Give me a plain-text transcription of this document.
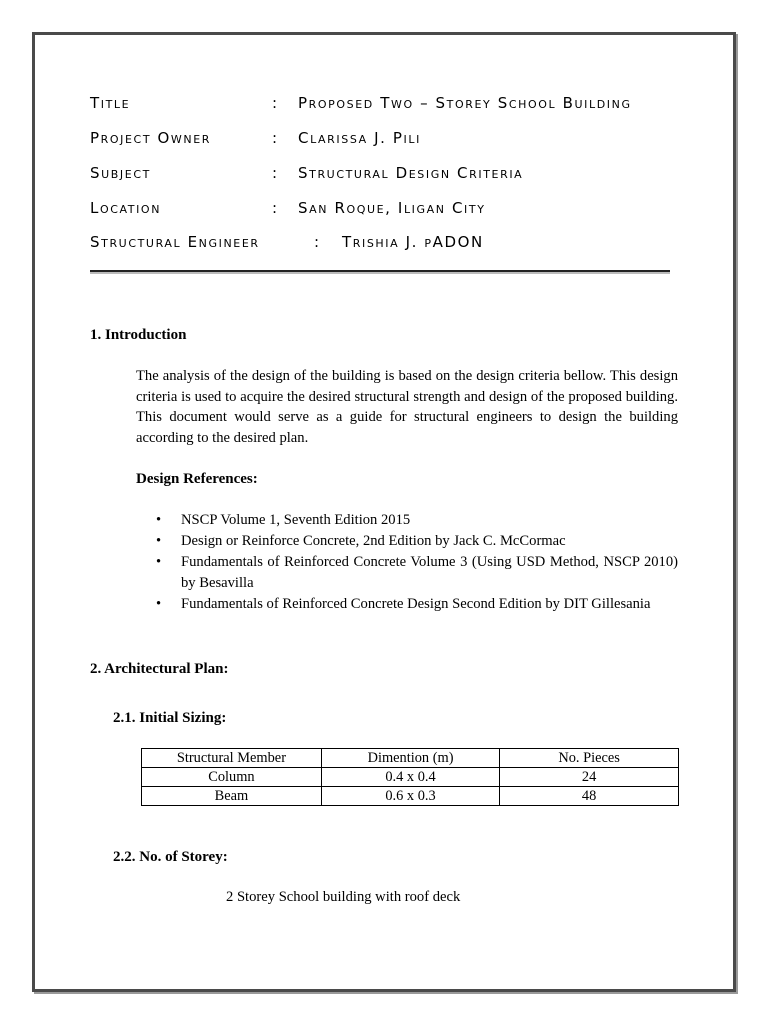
Title	: Proposed Two – Storey School Building
Project Owner	: Clarissa J. Pili
Subject	: Structural Design Criteria
Location	: San Roque, Iligan City
Structural Engineer	: Trishia J. pADON
1. Introduction
The analysis of the design of the building is based on the design criteria bellow. This design criteria is used to acquire the desired structural strength and design of the proposed building. This document would serve as a guide for structural engineers to design the building according to the desired plan.
Design References:
• NSCP Volume 1, Seventh Edition 2015
• Design or Reinforce Concrete, 2nd Edition by Jack C. McCormac
• Fundamentals of Reinforced Concrete Volume 3 (Using USD Method, NSCP 2010) by Besavilla
• Fundamentals of Reinforced Concrete Design Second Edition by DIT Gillesania
2. Architectural Plan:
2.1. Initial Sizing:
Structural Member	Dimention (m)	No. Pieces
Column	0.4 x 0.4	24
Beam	0.6 x 0.3	48
2.2. No. of Storey:
2 Storey School building with roof deck
